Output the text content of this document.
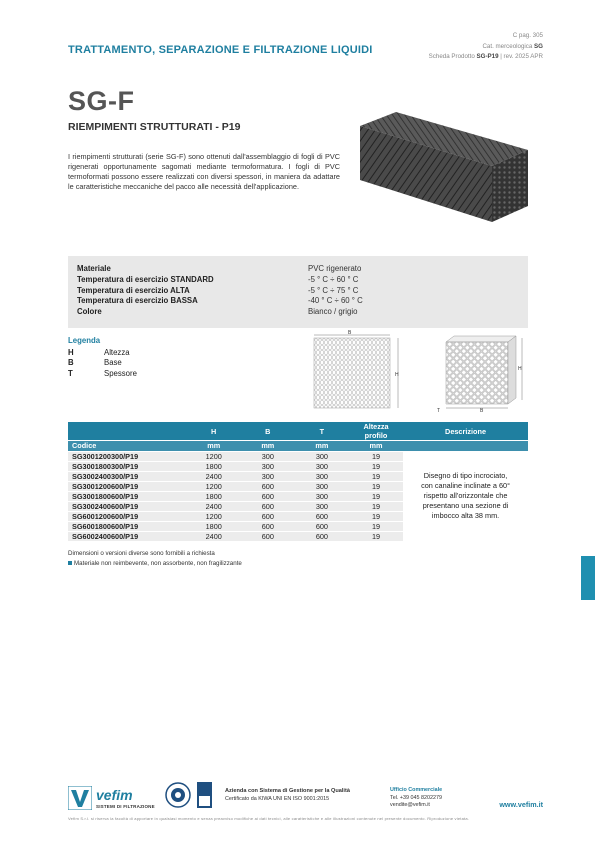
C pag. 305
Cat. merceologica SG
Scheda Prodotto SG-P19 | rev. 2025 APR
TRATTAMENTO, SEPARAZIONE E FILTRAZIONE LIQUIDI
SG-F
RIEMPIMENTI STRUTTURATI - P19
I riempimenti strutturati (serie SG-F) sono ottenuti dall'assemblaggio di fogli di PVC rigenerati opportunamente sagomati mediante termoformatura. I fogli di PVC termoformati possono essere realizzati con diversi spessori, in maniera da adattare le caratteristiche meccaniche del pacco alle necessità dell'applicazione.
Materiale	PVC rigenerato
Temperatura di esercizio STANDARD	-5 ° C ÷ 60 ° C
Temperatura di esercizio ALTA	-5 ° C ÷ 75 ° C
Temperatura di esercizio BASSA	-40 ° C ÷ 60 ° C
Colore	Bianco / grigio
Legenda
H	Altezza
B	Base
T	Spessore
B
H
H
B
T
	H	B	T	Altezza profilo	Descrizione
Codice	mm	mm	mm	mm	
SG3001200300/P19	1200	300	300	19	Disegno di tipo incrociato, con canaline inclinate a 60° rispetto all'orizzontale che presentano una sezione di imbocco alta 38 mm.
SG3001800300/P19	1800	300	300	19	
SG3002400300/P19	2400	300	300	19	
SG3001200600/P19	1200	600	300	19	
SG3001800600/P19	1800	600	300	19	
SG3002400600/P19	2400	600	300	19	
SG6001200600/P19	1200	600	600	19	
SG6001800600/P19	1800	600	600	19	
SG6002400600/P19	2400	600	600	19	
Dimensioni o versioni diverse sono fornibili a richiesta
Materiale non reimbevente, non assorbente, non fragilizzante
vefim
SISTEMI DI FILTRAZIONE
Azienda con Sistema di Gestione per la Qualità
Certificato da KIWA UNI EN ISO 9001:2015
Ufficio Commerciale
Tel. +39 045 8202279
vendite@vefim.it	www.vefim.it
Vefim S.r.l. si riserva la facoltà di apportare in qualsiasi momento e senza preavviso modifiche ai dati tecnici, alle caratteristiche e alle illustrazioni contenute nel presente documento. Riproduzione vietata.
